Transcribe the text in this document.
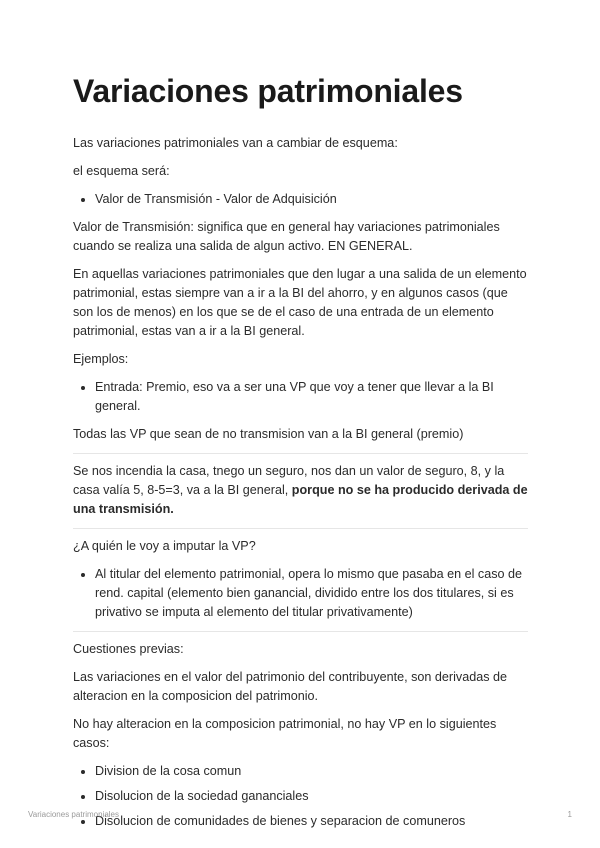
Variaciones patrimoniales

Las variaciones patrimoniales van a cambiar de esquema:

el esquema será:

Valor de Transmisión - Valor de Adquisición

Valor de Transmisión: significa que en general hay variaciones patrimoniales cuando se realiza una salida de algun activo. EN GENERAL.

En aquellas variaciones patrimoniales que den lugar a una salida de un elemento patrimonial, estas siempre van a ir a la BI del ahorro, y en algunos casos (que son los de menos) en los que se de el caso de una entrada de un elemento patrimonial, estas van a ir a la BI general.

Ejemplos:

Entrada: Premio, eso va a ser una VP que voy a tener que llevar a la BI general.

Todas las VP que sean de no transmision van a la BI general (premio)

Se nos incendia la casa, tnego un seguro, nos dan un valor de seguro, 8, y la casa valía 5, 8-5=3, va a la BI general, porque no se ha producido derivada de una transmisión.

¿A quién le voy a imputar la VP?

Al titular del elemento patrimonial, opera lo mismo que pasaba en el caso de rend. capital (elemento bien ganancial, dividido entre los dos titulares, si es privativo se imputa al elemento del titular privativamente)

Cuestiones previas:

Las variaciones en el valor del patrimonio del contribuyente, son derivadas de alteracion en la composicion del patrimonio.

No hay alteracion en la composicion patrimonial, no hay VP en lo siguientes casos:

Division de la cosa comun
Disolucion de la sociedad gananciales
Disolucion de comunidades de bienes y separacion de comuneros
Variaciones patrimoniales	1
